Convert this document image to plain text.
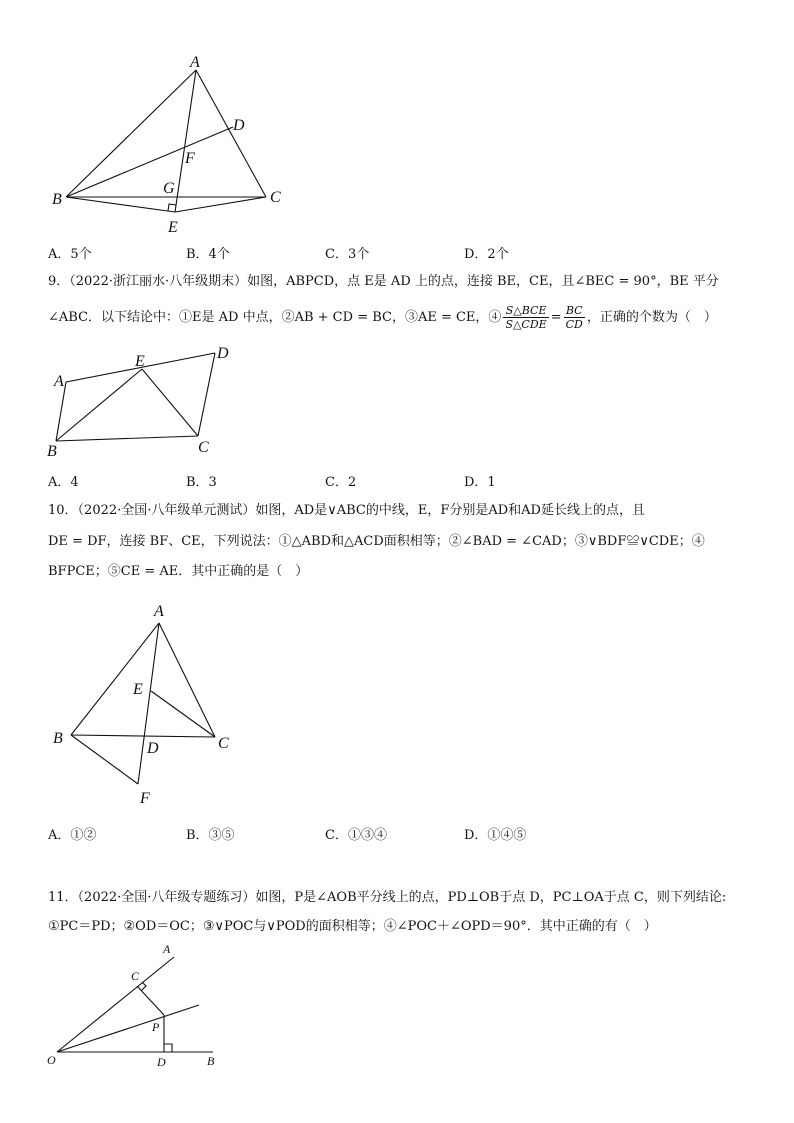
A
B	C
D
E
F
G
A．5个	B．4个	C．3个	D．2个
9．（2022·浙江丽水·八年级期末）如图，ABPCD，点 E是 AD 上的点，连接 BE，CE，且∠BEC = 90°，BE 平分
∠ABC．以下结论中：①E是 AD 中点，②AB + CD = BC，③AE = CE，④ $\frac{\text{S△BCE}}{\text{S△CDE}} = \frac{BC}{CD}$ ，正确的个数为（　）
A
B	C
D
E
A．4	B．3	C．2	D．1
10．（2022·全国·八年级单元测试）如图，AD是∨ABC的中线，E，F分别是AD和AD延长线上的点，且
DE = DF，连接 BF、CE，下列说法：①△ABD和△ACD面积相等；②∠BAD = ∠CAD；③∨BDF≌∨CDE；④
BFPCE；⑤CE = AE．其中正确的是（　）
A
B	C
D
E
F
A．①②	B．③⑤	C．①③④	D．①④⑤
11．（2022·全国·八年级专题练习）如图，P是∠AOB平分线上的点，PD⊥OB于点 D，PC⊥OA于点 C，则下列结论:
①PC＝PD；②OD＝OC；③∨POC与∨POD的面积相等；④∠POC＋∠OPD＝90°．其中正确的有（　）
A
B
C
D
O
P
